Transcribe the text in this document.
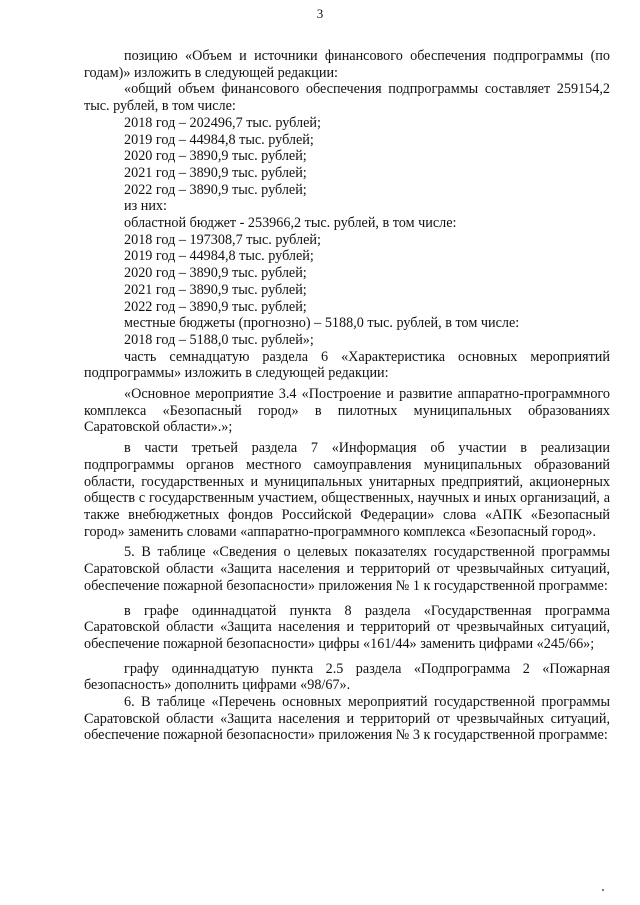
3

позицию «Объем и источники финансового обеспечения подпрограммы (по годам)» изложить в следующей редакции:

«общий объем финансового обеспечения подпрограммы составляет 259154,2 тыс. рублей, в том числе:

2018 год – 202496,7 тыс. рублей;
2019 год – 44984,8 тыс. рублей;
2020 год – 3890,9 тыс. рублей;
2021 год – 3890,9 тыс. рублей;
2022 год – 3890,9 тыс. рублей;
из них:
областной бюджет - 253966,2 тыс. рублей, в том числе:
2018 год – 197308,7 тыс. рублей;
2019 год – 44984,8 тыс. рублей;
2020 год – 3890,9 тыс. рублей;
2021 год – 3890,9 тыс. рублей;
2022 год – 3890,9 тыс. рублей;
местные бюджеты (прогнозно) – 5188,0 тыс. рублей, в том числе:
2018 год – 5188,0 тыс. рублей»;

часть семнадцатую раздела 6 «Характеристика основных мероприятий подпрограммы» изложить в следующей редакции:

«Основное мероприятие 3.4 «Построение и развитие аппаратно-программного комплекса «Безопасный город» в пилотных муниципальных образованиях Саратовской области».»;

в части третьей раздела 7 «Информация об участии в реализации подпрограммы органов местного самоуправления муниципальных образований области, государственных и муниципальных унитарных предприятий, акционерных обществ с государственным участием, общественных, научных и иных организаций, а также внебюджетных фондов Российской Федерации» слова «АПК «Безопасный город» заменить словами «аппаратно-программного комплекса «Безопасный город».

5. В таблице «Сведения о целевых показателях государственной программы Саратовской области «Защита населения и территорий от чрезвычайных ситуаций, обеспечение пожарной безопасности» приложения № 1 к государственной программе:

в графе одиннадцатой пункта 8 раздела «Государственная программа Саратовской области «Защита населения и территорий от чрезвычайных ситуаций, обеспечение пожарной безопасности» цифры «161/44» заменить цифрами «245/66»;

графу одиннадцатую пункта 2.5 раздела «Подпрограмма 2 «Пожарная безопасность» дополнить цифрами «98/67».

6. В таблице «Перечень основных мероприятий государственной программы Саратовской области «Защита населения и территорий от чрезвычайных ситуаций, обеспечение пожарной безопасности» приложения № 3 к государственной программе:
